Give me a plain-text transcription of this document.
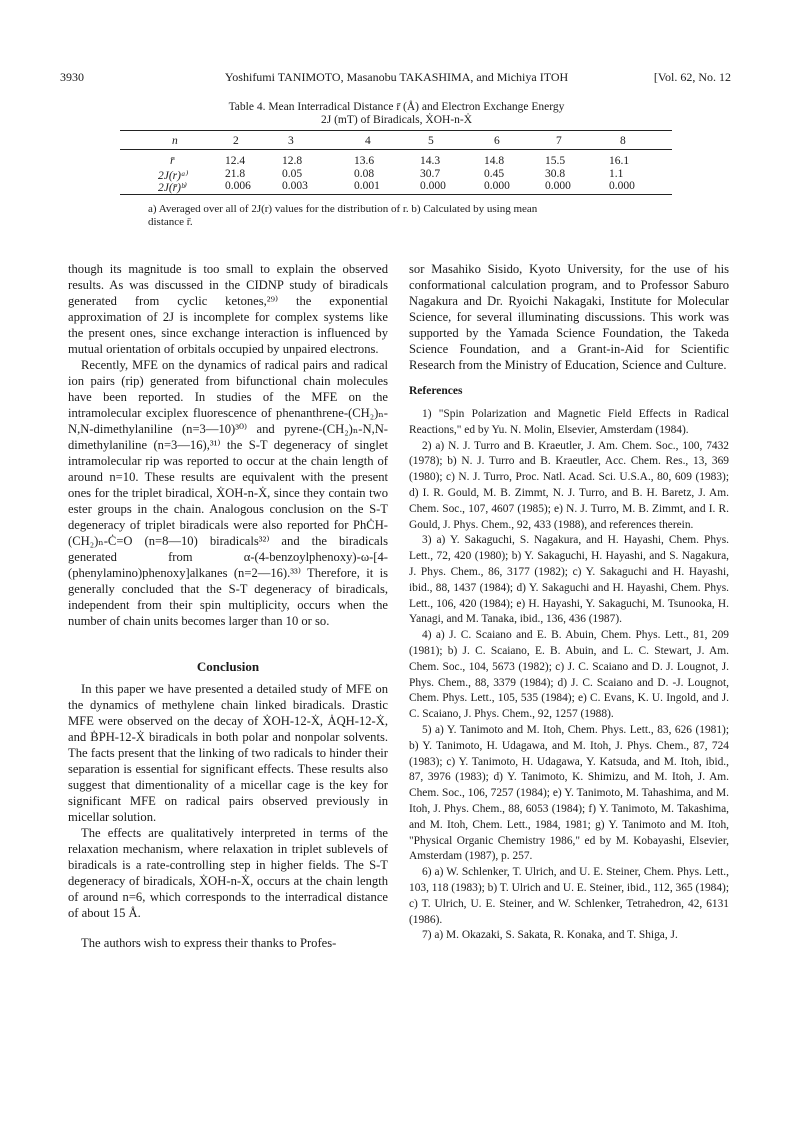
3930	Yoshifumi TANIMOTO, Masanobu TAKASHIMA, and Michiya ITOH	[Vol. 62, No. 12
Table 4. Mean Interradical Distance r̄ (Å) and Electron Exchange Energy
2J (mT) of Biradicals, ẊOH-n-Ẋ
n	2	3	4	5	6	7	8
r̄	12.4	12.8	13.6	14.3	14.8	15.5	16.1
2J(r)ᵃ⁾	21.8	0.05	0.08	30.7	0.45	30.8	1.1
2J(r̄)ᵇ⁾	0.006	0.003	0.001	0.000	0.000	0.000	0.000
a) Averaged over all of 2J(r) values for the distribution of r. b) Calculated by using mean
distance r̄.

though its magnitude is too small to explain the observed results. As was discussed in the CIDNP study of biradicals generated from cyclic ketones,²⁹⁾ the exponential approximation of 2J is incomplete for complex systems like the present ones, since exchange interaction is influenced by mutual orientation of orbitals occupied by unpaired electrons.

Recently, MFE on the dynamics of radical pairs and radical ion pairs (rip) generated from bifunctional chain molecules have been reported. In studies of the MFE on the intramolecular exciplex fluorescence of phenanthrene-(CH₂)ₙ-N,N-dimethylaniline (n=3—10)³⁰⁾ and pyrene-(CH₂)ₙ-N,N-dimethylaniline (n=3—16),³¹⁾ the S-T degeneracy of singlet intramolecular rip was reported to occur at the chain length of around n=10. These results are equivalent with the present ones for the triplet biradical, ẊOH-n-Ẋ, since they contain two ester groups in the chain. Analogous conclusion on the S-T degeneracy of triplet biradicals were also reported for PhĊH-(CH₂)ₙ-Ċ=O (n=8—10) biradicals³²⁾ and the biradicals generated from α-(4-benzoylphenoxy)-ω-[4-(phenylamino)phenoxy]alkanes (n=2—16).³³⁾ Therefore, it is generally concluded that the S-T degeneracy of biradicals, independent from their spin multiplicity, occurs when the number of chain units becomes larger than 10 or so.

Conclusion

In this paper we have presented a detailed study of MFE on the dynamics of methylene chain linked biradicals. Drastic MFE were observed on the decay of ẊOH-12-Ẋ, ȦQH-12-Ẋ, and ḂPH-12-Ẋ biradicals in both polar and nonpolar solvents. The facts present that the linking of two radicals to hinder their separation is essential for significant effects. These results also suggest that dimentionality of a micellar cage is the key for significant MFE on radical pairs observed previously in micellar solution.

The effects are qualitatively interpreted in terms of the relaxation mechanism, where relaxation in triplet sublevels of biradicals is a rate-controlling step in higher fields. The S-T degeneracy of biradicals, ẊOH-n-Ẋ, occurs at the chain length of around n=6, which corresponds to the interradical distance of about 15 Å.

The authors wish to express their thanks to Profes-

sor Masahiko Sisido, Kyoto University, for the use of his conformational calculation program, and to Professor Saburo Nagakura and Dr. Ryoichi Nakagaki, Institute for Molecular Science, for several illuminating discussions. This work was supported by the Yamada Science Foundation, the Takeda Science Foundation, and a Grant-in-Aid for Scientific Research from the Ministry of Education, Science and Culture.

References

1) "Spin Polarization and Magnetic Field Effects in Radical Reactions," ed by Yu. N. Molin, Elsevier, Amsterdam (1984).

2) a) N. J. Turro and B. Kraeutler, J. Am. Chem. Soc., 100, 7432 (1978); b) N. J. Turro and B. Kraeutler, Acc. Chem. Res., 13, 369 (1980); c) N. J. Turro, Proc. Natl. Acad. Sci. U.S.A., 80, 609 (1983); d) I. R. Gould, M. B. Zimmt, N. J. Turro, and B. H. Baretz, J. Am. Chem. Soc., 107, 4607 (1985); e) N. J. Turro, M. B. Zimmt, and I. R. Gould, J. Phys. Chem., 92, 433 (1988), and references therein.

3) a) Y. Sakaguchi, S. Nagakura, and H. Hayashi, Chem. Phys. Lett., 72, 420 (1980); b) Y. Sakaguchi, H. Hayashi, and S. Nagakura, J. Phys. Chem., 86, 3177 (1982); c) Y. Sakaguchi and H. Hayashi, ibid., 88, 1437 (1984); d) Y. Sakaguchi and H. Hayashi, Chem. Phys. Lett., 106, 420 (1984); e) H. Hayashi, Y. Sakaguchi, M. Tsunooka, H. Yanagi, and M. Tanaka, ibid., 136, 436 (1987).

4) a) J. C. Scaiano and E. B. Abuin, Chem. Phys. Lett., 81, 209 (1981); b) J. C. Scaiano, E. B. Abuin, and L. C. Stewart, J. Am. Chem. Soc., 104, 5673 (1982); c) J. C. Scaiano and D. J. Lougnot, J. Phys. Chem., 88, 3379 (1984); d) J. C. Scaiano and D. -J. Lougnot, Chem. Phys. Lett., 105, 535 (1984); e) C. Evans, K. U. Ingold, and J. C. Scaiano, J. Phys. Chem., 92, 1257 (1988).

5) a) Y. Tanimoto and M. Itoh, Chem. Phys. Lett., 83, 626 (1981); b) Y. Tanimoto, H. Udagawa, and M. Itoh, J. Phys. Chem., 87, 724 (1983); c) Y. Tanimoto, H. Udagawa, Y. Katsuda, and M. Itoh, ibid., 87, 3976 (1983); d) Y. Tanimoto, K. Shimizu, and M. Itoh, J. Am. Chem. Soc., 106, 7257 (1984); e) Y. Tanimoto, M. Tahashima, and M. Itoh, J. Phys. Chem., 88, 6053 (1984); f) Y. Tanimoto, M. Takashima, and M. Itoh, Chem. Lett., 1984, 1981; g) Y. Tanimoto and M. Itoh, "Physical Organic Chemistry 1986," ed by M. Kobayashi, Elsevier, Amsterdam (1987), p. 257.

6) a) W. Schlenker, T. Ulrich, and U. E. Steiner, Chem. Phys. Lett., 103, 118 (1983); b) T. Ulrich and U. E. Steiner, ibid., 112, 365 (1984); c) T. Ulrich, U. E. Steiner, and W. Schlenker, Tetrahedron, 42, 6131 (1986).

7) a) M. Okazaki, S. Sakata, R. Konaka, and T. Shiga, J.
